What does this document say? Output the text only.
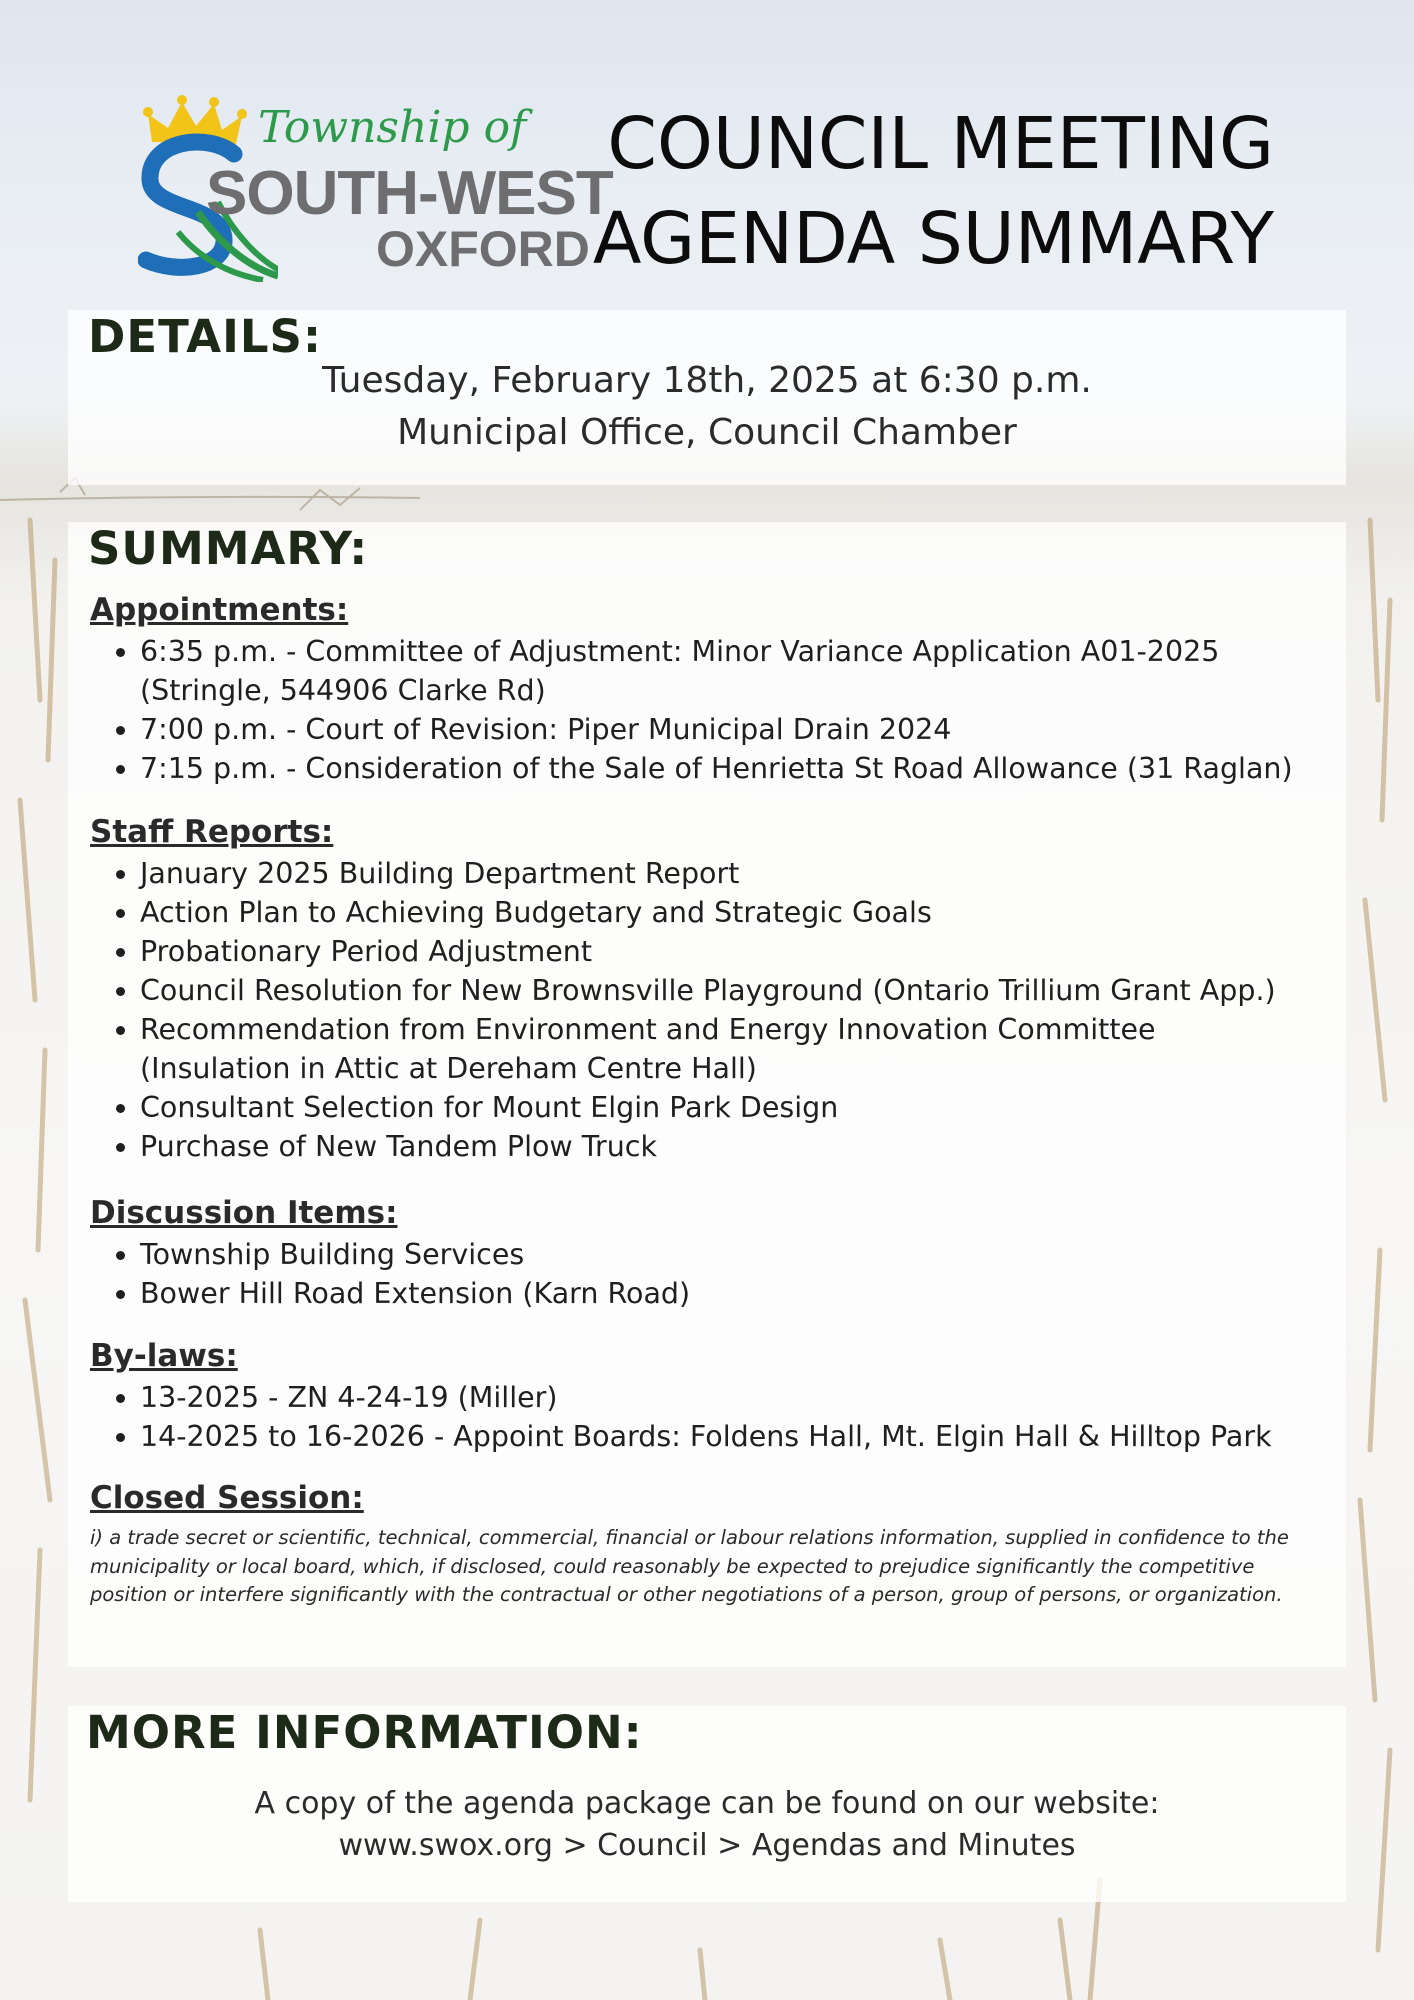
Township of
SOUTH-WEST
OXFORD
COUNCIL MEETING
AGENDA SUMMARY
DETAILS:
Tuesday, February 18th, 2025 at 6:30 p.m.
Municipal Office, Council Chamber
SUMMARY:
Appointments:
• 6:35 p.m. - Committee of Adjustment: Minor Variance Application A01-2025
(Stringle, 544906 Clarke Rd)
• 7:00 p.m. - Court of Revision: Piper Municipal Drain 2024
• 7:15 p.m. - Consideration of the Sale of Henrietta St Road Allowance (31 Raglan)
Staff Reports:
• January 2025 Building Department Report
• Action Plan to Achieving Budgetary and Strategic Goals
• Probationary Period Adjustment
• Council Resolution for New Brownsville Playground (Ontario Trillium Grant App.)
• Recommendation from Environment and Energy Innovation Committee
(Insulation in Attic at Dereham Centre Hall)
• Consultant Selection for Mount Elgin Park Design
• Purchase of New Tandem Plow Truck
Discussion Items:
• Township Building Services
• Bower Hill Road Extension (Karn Road)
By-laws:
• 13-2025 - ZN 4-24-19 (Miller)
• 14-2025 to 16-2026 - Appoint Boards: Foldens Hall, Mt. Elgin Hall & Hilltop Park
Closed Session:
i) a trade secret or scientific, technical, commercial, financial or labour relations information, supplied in confidence to the municipality or local board, which, if disclosed, could reasonably be expected to prejudice significantly the competitive position or interfere significantly with the contractual or other negotiations of a person, group of persons, or organization.
MORE INFORMATION:
A copy of the agenda package can be found on our website:
www.swox.org > Council > Agendas and Minutes
